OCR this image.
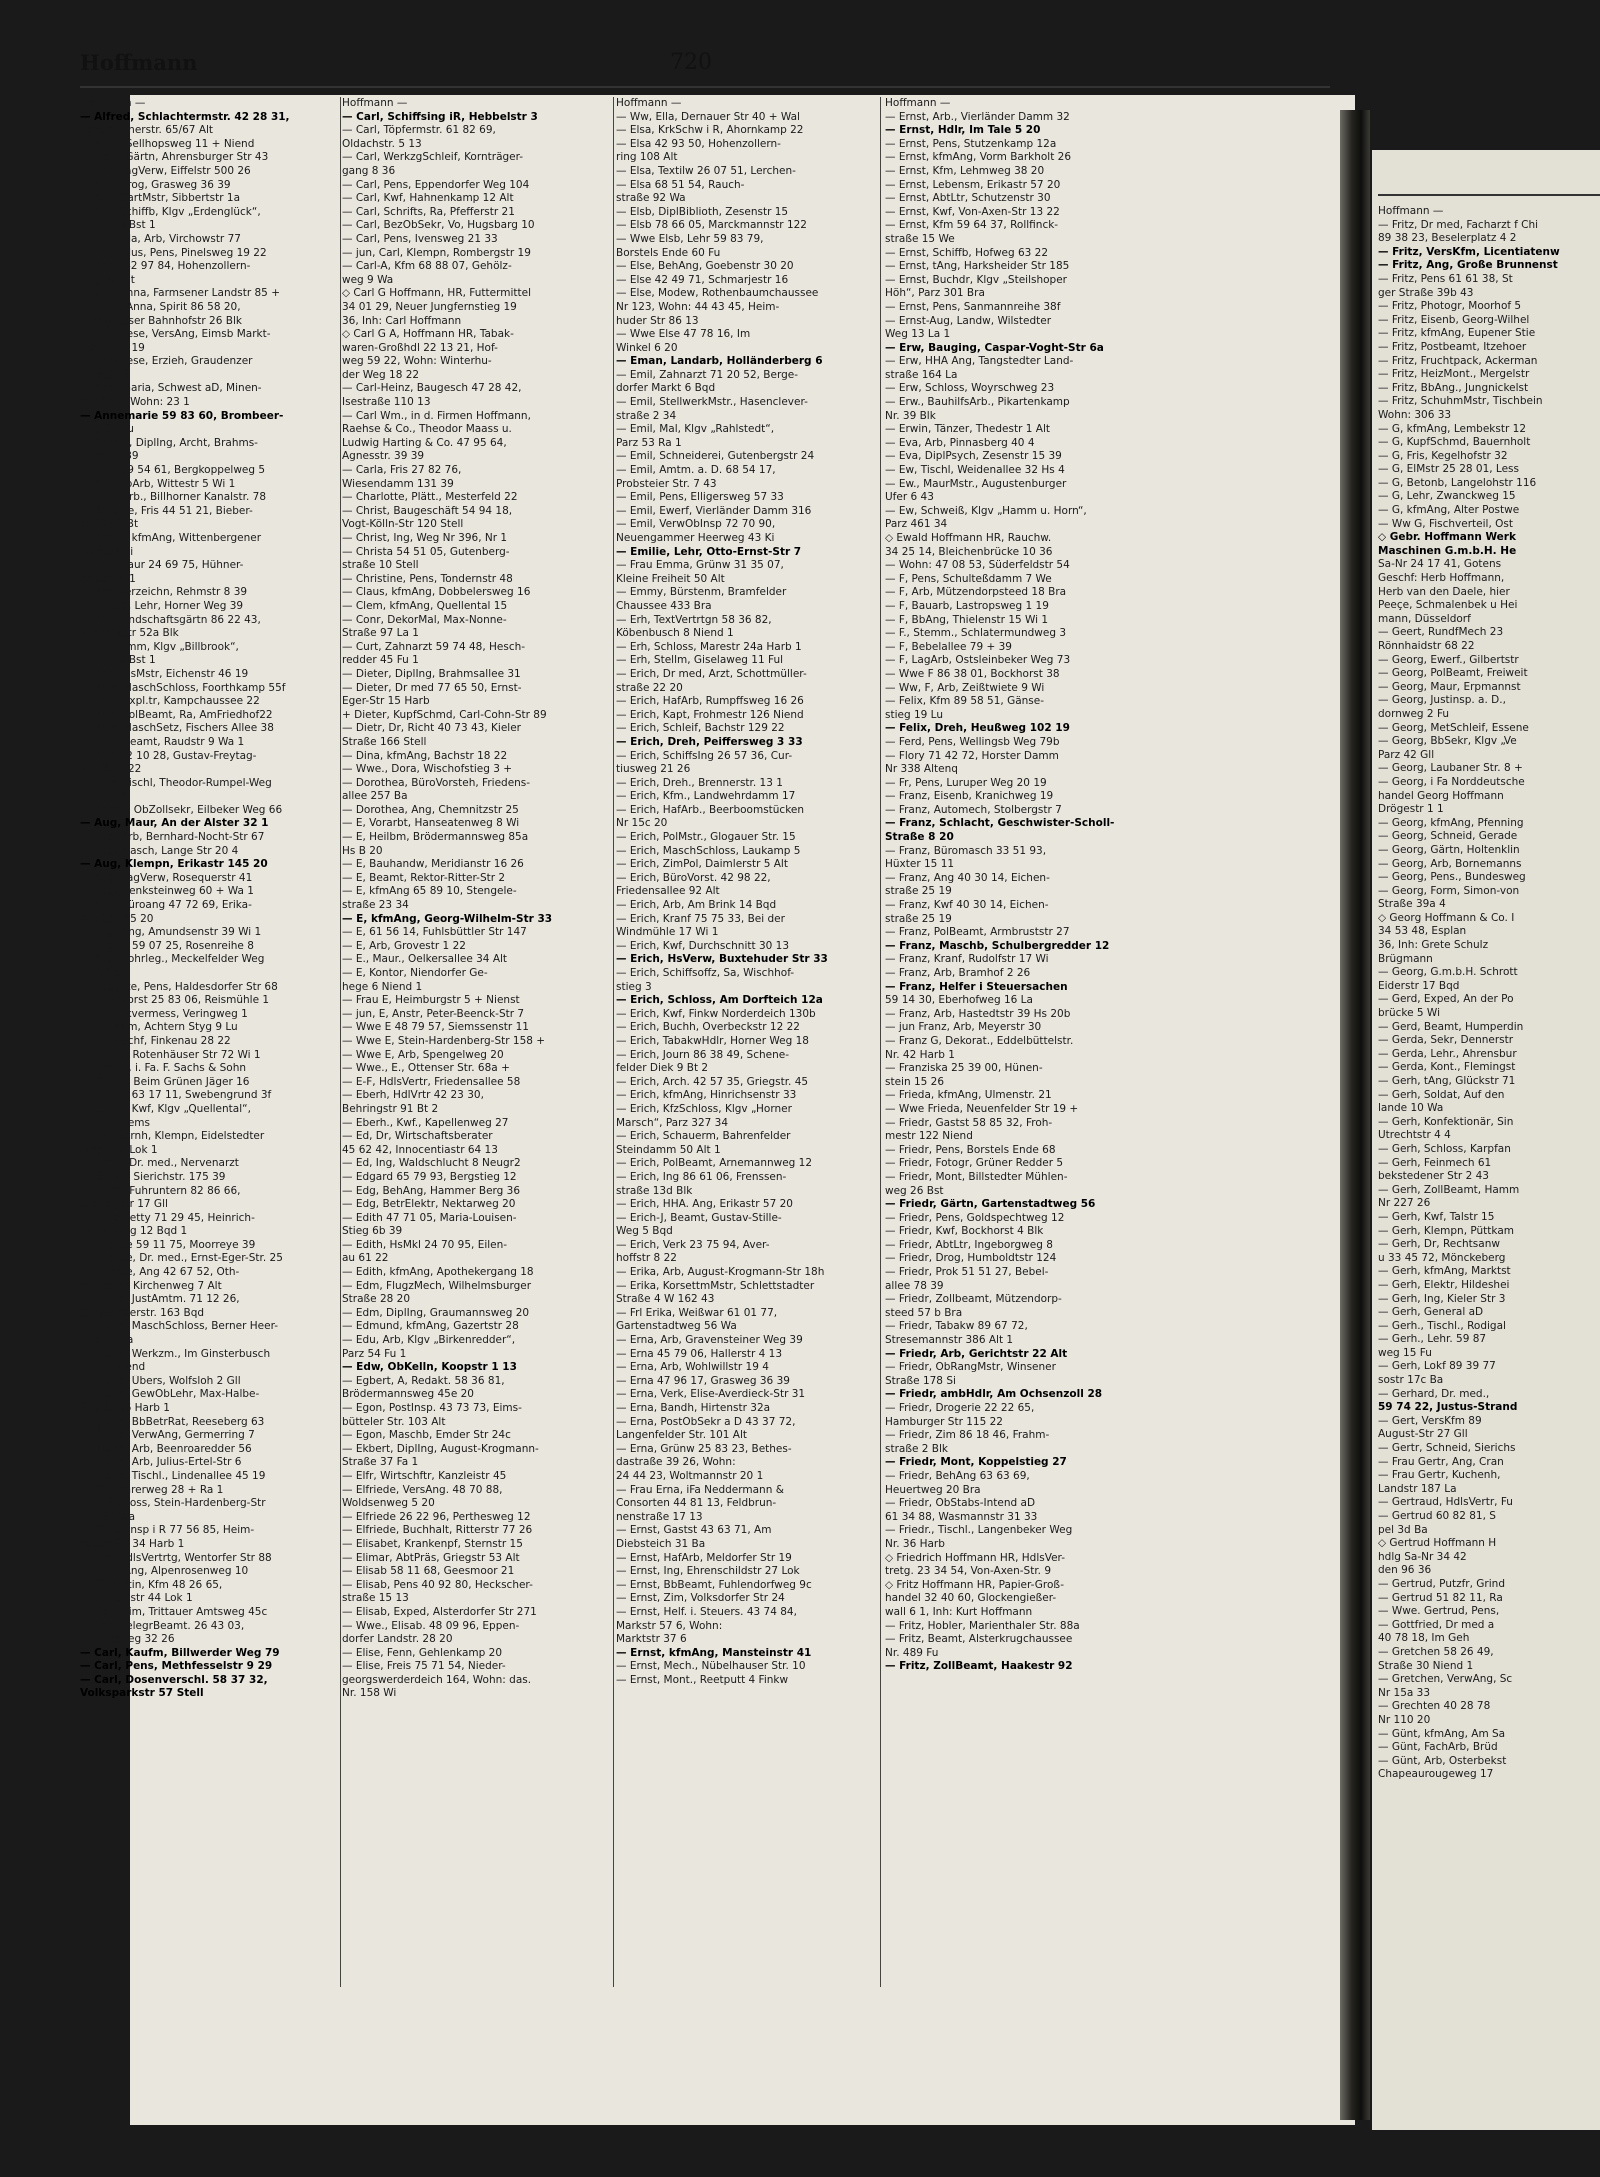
Hoffmann	720
Hoffmann —
— Alfred, Schlachtermstr. 42 28 31,
Schumacherstr. 65/67 Alt
— Alice, Sellhopsweg 11 + Niend
— Alois, Gärtn, Ahrensburger Str 43
— Alw, LagVerw, Eiffelstr 500 26
— Alw, Drog, Grasweg 36 39
— Alw, GartMstr, Sibbertstr 1a
— Alw, Schiffb, Klgv „Erdenglück“,
Parz 143 Bst 1
— Amanda, Arb, Virchowstr 77
— Amandus, Pens, Pinelsweg 19 22
— Anna 42 97 84, Hohenzollern-
ring 30 Alt
— Ww, Anna, Farmsener Landstr 85 +
— Wwe, Anna, Spirit 86 58 20,
Blankeneser Bahnhofstr 26 Blk
— Anneliese, VersAng, Eimsb Markt-
platz 12c 19
— Anneliese, Erzieh, Graudenzer
Weg 9 43
— Annemaria, Schwest aD, Minen-
straße 7, Wohn: 23 1
— Annemarie 59 83 60, Brombeer-
weg 97 Fu
— Annett, DiplIng, Archt, Brahms-
allee 31 39
— Anni 59 54 61, Bergkoppelweg 5
— Ant, BbArb, Wittestr 5 Wi 1
— Ant., Arb., Billhorner Kanalstr. 78
— Antonie, Fris 44 51 21, Bieber-
straße 9 Bt
— Armin, kfmAng, Wittenbergener
Weg 53 Ri
— Arn, Maur 24 69 75, Hühner-
posten 8 1
— Arn, Verzeichn, Rehmstr 8 39
— Arnold, Lehr, Horner Weg 39
— Art, Landschaftsgärtn 86 22 43,
Simrockstr 52a Blk
— Art, Zimm, Klgv „Billbrook“,
Parz 209 Bst 1
— Arth, HsMstr, Eichenstr 46 19
— Arth, MaschSchloss, Foorthkamp 55f
— Arth, Expl.tr, Kampchaussee 22
— Arth, PolBeamt, Ra, AmFriedhof22
— Arth, MaschSetz, Fischers Allee 38
— Arth, Beamt, Raudstr 9 Wa 1
— Arth 22 10 28, Gustav-Freytag-
Straße 7 22
— Arth, Tischl, Theodor-Rumpel-Weg
Nr 22 33
— Arthur, ObZollsekr, Eilbeker Weg 66
— Aug, Maur, An der Alster 32 1
— Aug, Arb, Bernhard-Nocht-Str 67
— Aug, Masch, Lange Str 20 4
— Aug, Klempn, Erikastr 145 20
— Aug, LagVerw, Rosequerstr 41
— Aug, Denksteinweg 60 + Wa 1
— Aug, Büroang 47 72 69, Erika-
straße 145 20
— Aug, Ang, Amundsenstr 39 Wi 1
— Aug. F. 59 07 25, Rosenreihe 8
— Aug, Rohrleg., Meckelfelder Weg
Nr. 54 Si
— Auguste, Pens, Haldesdorfer Str 68
— B, BkVorst 25 83 06, Reismühle 1
— B, Tankvermess, Veringweg 1
— B, Seem, Achtern Styg 9 Lu
— B, Geschf, Finkenau 28 22
— B, Arb, Rotenhäuser Str 72 Wi 1
— Bernh., i. Fa. F. Sachs & Sohn
43 67 13, Beim Grünen Jäger 16
— Bernh. 63 17 11, Swebengrund 3f
— Bernh, Kwf, Klgv „Quellental“,
Parz 26 Lems
— jun, Bernh, Klempn, Eidelstedter
Weg 36a Lok 1
— Bernt, Dr. med., Nervenarzt
47 81 92, Sierichstr. 175 39
— Berth, Fuhruntern 82 86 66,
Grottenstr 17 Gll
— Wwe Betty 71 29 45, Heinrich-
Heine-Weg 12 Bqd 1
— Brigitte 59 11 75, Moorreye 39
— Brigitte, Dr. med., Ernst-Eger-Str. 25
— Brigitte, Ang 42 67 52, Oth-
marscher Kirchenweg 7 Alt
— Bruno, JustAmtm. 71 12 26,
Chrysanderstr. 163 Bqd
— Bruno, MaschSchloss, Berner Heer-
weg 25 Fa
— Bruno, Werkzm., Im Ginsterbusch
Nr. 11 Niend
— Bruno, Übers, Wolfsloh 2 Gll
— Bruno, GewObLehr, Max-Halbe-
Straße 36 Harb 1
— Bruno, BbBetrRat, Reeseberg 63
— Bruno, VerwAng, Germerring 7
— Bruno, Arb, Beenroaredder 56
— Bruno, Arb, Julius-Ertel-Str 6
— Bruno, Tischl., Lindenallee 45 19
— C, Ziehrerweg 28 + Ra 1
— C, Schloss, Stein-Hardenberg-Str
Nr 184 Wa
— C, ZollInsp i R 77 56 85, Heim-
felder Str 34 Harb 1
— C A, HdlsVertrtg, Wentorfer Str 88
— C-H, tAng, Alpenrosenweg 10
— C, Martin, Kfm 48 26 65,
Süderfeldstr 44 Lok 1
— Carl, Zim, Trittauer Amtsweg 45c
— Carl, TelegrBeamt. 26 43 03,
Perthesweg 32 26
— Carl, Kaufm, Billwerder Weg 79
— Carl, Pens, Methfesselstr 9 29
— Carl, Dosenverschl. 58 37 32,
Volksparkstr 57 Stell
Hoffmann —
— Carl, Schiffsing iR, Hebbelstr 3
— Carl, Töpfermstr. 61 82 69,
Oldachstr. 5 13
— Carl, WerkzgSchleif, Kornträger-
gang 8 36
— Carl, Pens, Eppendorfer Weg 104
— Carl, Kwf, Hahnenkamp 12 Alt
— Carl, Schrifts, Ra, Pfefferstr 21
— Carl, BezObSekr, Vo, Hugsbarg 10
— Carl, Pens, Ivensweg 21 33
— jun, Carl, Klempn, Rombergstr 19
— Carl-A, Kfm 68 88 07, Gehölz-
weg 9 Wa
◇ Carl G Hoffmann, HR, Futtermittel
34 01 29, Neuer Jungfernstieg 19
36, Inh: Carl Hoffmann
◇ Carl G A, Hoffmann HR, Tabak-
waren-Großhdl 22 13 21, Hof-
weg 59 22, Wohn: Winterhu-
der Weg 18 22
— Carl-Heinz, Baugesch 47 28 42,
Isestraße 110 13
— Carl Wm., in d. Firmen Hoffmann,
Raehse & Co., Theodor Maass u.
Ludwig Harting & Co. 47 95 64,
Agnesstr. 39 39
— Carla, Fris 27 82 76,
Wiesendamm 131 39
— Charlotte, Plätt., Mesterfeld 22
— Christ, Baugeschäft 54 94 18,
Vogt-Kölln-Str 120 Stell
— Christ, Ing, Weg Nr 396, Nr 1
— Christa 54 51 05, Gutenberg-
straße 10 Stell
— Christine, Pens, Tondernstr 48
— Claus, kfmAng, Dobbelersweg 16
— Clem, kfmAng, Quellental 15
— Conr, DekorMal, Max-Nonne-
Straße 97 La 1
— Curt, Zahnarzt 59 74 48, Hesch-
redder 45 Fu 1
— Dieter, DiplIng, Brahmsallee 31
— Dieter, Dr med 77 65 50, Ernst-
Eger-Str 15 Harb
+ Dieter, KupfSchmd, Carl-Cohn-Str 89
— Dietr, Dr, Richt 40 73 43, Kieler
Straße 166 Stell
— Dina, kfmAng, Bachstr 18 22
— Wwe., Dora, Wischofstieg 3 +
— Dorothea, BüroVorsteh, Friedens-
allee 257 Ba
— Dorothea, Ang, Chemnitzstr 25
— E, Vorarbt, Hanseatenweg 8 Wi
— E, Heilbm, Brödermannsweg 85a
Hs B 20
— E, Bauhandw, Meridianstr 16 26
— E, Beamt, Rektor-Ritter-Str 2
— E, kfmAng 65 89 10, Stengele-
straße 23 34
— E, kfmAng, Georg-Wilhelm-Str 33
— E, 61 56 14, Fuhlsbüttler Str 147
— E, Arb, Grovestr 1 22
— E., Maur., Oelkersallee 34 Alt
— E, Kontor, Niendorfer Ge-
hege 6 Niend 1
— Frau E, Heimburgstr 5 + Nienst
— jun, E, Anstr, Peter-Beenck-Str 7
— Wwe E 48 79 57, Siemssenstr 11
— Wwe E, Stein-Hardenberg-Str 158 +
— Wwe E, Arb, Spengelweg 20
— Wwe., E., Ottenser Str. 68a +
— E-F, HdlsVertr, Friedensallee 58
— Eberh, HdlVrtr 42 23 30,
Behringstr 91 Bt 2
— Eberh., Kwf., Kapellenweg 27
— Ed, Dr, Wirtschaftsberater
45 62 42, Innocentiastr 64 13
— Ed, Ing, Waldschlucht 8 Neugr2
— Edgard 65 79 93, Bergstieg 12
— Edg, BehAng, Hammer Berg 36
— Edg, BetrElektr, Nektarweg 20
— Edith 47 71 05, Maria-Louisen-
Stieg 6b 39
— Edith, HsMkl 24 70 95, Eilen-
au 61 22
— Edith, kfmAng, Apothekergang 18
— Edm, FlugzMech, Wilhelmsburger
Straße 28 20
— Edm, DiplIng, Graumannsweg 20
— Edmund, kfmAng, Gazertstr 28
— Edu, Arb, Klgv „Birkenredder“,
Parz 54 Fu 1
— Edw, ObKelln, Koopstr 1 13
— Egbert, A, Redakt. 58 36 81,
Brödermannsweg 45e 20
— Egon, PostInsp. 43 73 73, Eims-
bütteler Str. 103 Alt
— Egon, Maschb, Emder Str 24c
— Ekbert, DiplIng, August-Krogmann-
Straße 37 Fa 1
— Elfr, Wirtschftr, Kanzleistr 45
— Elfriede, VersAng. 48 70 88,
Woldsenweg 5 20
— Elfriede 26 22 96, Perthesweg 12
— Elfriede, Buchhalt, Ritterstr 77 26
— Elisabet, Krankenpf, Sternstr 15
— Elimar, AbtPräs, Griegstr 53 Alt
— Elisab 58 11 68, Geesmoor 21
— Elisab, Pens 40 92 80, Heckscher-
straße 15 13
— Elisab, Exped, Alsterdorfer Str 271
— Wwe., Elisab. 48 09 96, Eppen-
dorfer Landstr. 28 20
— Elise, Fenn, Gehlenkamp 20
— Elise, Freis 75 71 54, Nieder-
georgswerderdeich 164, Wohn: das.
Nr. 158 Wi
Hoffmann —
— Ww, Ella, Dernauer Str 40 + Wal
— Elsa, KrkSchw i R, Ahornkamp 22
— Elsa 42 93 50, Hohenzollern-
ring 108 Alt
— Elsa, Textilw 26 07 51, Lerchen-
— Elsa 68 51 54, Rauch-
straße 92 Wa
— Elsb, DiplBiblioth, Zesenstr 15
— Elsb 78 66 05, Marckmannstr 122
— Wwe Elsb, Lehr 59 83 79,
Borstels Ende 60 Fu
— Else, BehAng, Goebenstr 30 20
— Else 42 49 71, Schmarjestr 16
— Else, Modew, Rothenbaumchaussee
Nr 123, Wohn: 44 43 45, Heim-
huder Str 86 13
— Wwe Else 47 78 16, Im
Winkel 6 20
— Eman, Landarb, Holländerberg 6
— Emil, Zahnarzt 71 20 52, Berge-
dorfer Markt 6 Bqd
— Emil, StellwerkMstr., Hasenclever-
straße 2 34
— Emil, Mal, Klgv „Rahlstedt“,
Parz 53 Ra 1
— Emil, Schneiderei, Gutenbergstr 24
— Emil, Amtm. a. D. 68 54 17,
Probsteier Str. 7 43
— Emil, Pens, Elligersweg 57 33
— Emil, Ewerf, Vierländer Damm 316
— Emil, VerwObInsp 72 70 90,
Neuengammer Heerweg 43 Ki
— Emilie, Lehr, Otto-Ernst-Str 7
— Frau Emma, Grünw 31 35 07,
Kleine Freiheit 50 Alt
— Emmy, Bürstenm, Bramfelder
Chaussee 433 Bra
— Erh, TextVertrtgn 58 36 82,
Köbenbusch 8 Niend 1
— Erh, Schloss, Marestr 24a Harb 1
— Erh, Stellm, Giselaweg 11 Ful
— Erich, Dr med, Arzt, Schottmüller-
straße 22 20
— Erich, HafArb, Rumpffsweg 16 26
— Erich, Kapt, Frohmestr 126 Niend
— Erich, Schleif, Bachstr 129 22
— Erich, Dreh, Peiffersweg 3 33
— Erich, SchiffsIng 26 57 36, Cur-
tiusweg 21 26
— Erich, Dreh., Brennerstr. 13 1
— Erich, Kfm., Landwehrdamm 17
— Erich, HafArb., Beerboomstücken
Nr 15c 20
— Erich, PolMstr., Glogauer Str. 15
— Erich, MaschSchloss, Laukamp 5
— Erich, ZimPol, Daimlerstr 5 Alt
— Erich, BüroVorst. 42 98 22,
Friedensallee 92 Alt
— Erich, Arb, Am Brink 14 Bqd
— Erich, Kranf 75 75 33, Bei der
Windmühle 17 Wi 1
— Erich, Kwf, Durchschnitt 30 13
— Erich, HsVerw, Buxtehuder Str 33
— Erich, Schiffsoffz, Sa, Wischhof-
stieg 3
— Erich, Schloss, Am Dorfteich 12a
— Erich, Kwf, Finkw Norderdeich 130b
— Erich, Buchh, Overbeckstr 12 22
— Erich, TabakwHdlr, Horner Weg 18
— Erich, Journ 86 38 49, Schene-
felder Diek 9 Bt 2
— Erich, Arch. 42 57 35, Griegstr. 45
— Erich, kfmAng, Hinrichsenstr 33
— Erich, KfzSchloss, Klgv „Horner
Marsch“, Parz 327 34
— Erich, Schauerm, Bahrenfelder
Steindamm 50 Alt 1
— Erich, PolBeamt, Arnemannweg 12
— Erich, Ing 86 61 06, Frenssen-
straße 13d Blk
— Erich, HHA. Ang, Erikastr 57 20
— Erich-J, Beamt, Gustav-Stille-
Weg 5 Bqd
— Erich, Verk 23 75 94, Aver-
hoffstr 8 22
— Erika, Arb, August-Krogmann-Str 18h
— Erika, KorsettmMstr, Schlettstadter
Straße 4 W 162 43
— Frl Erika, Weißwar 61 01 77,
Gartenstadtweg 56 Wa
— Erna, Arb, Gravensteiner Weg 39
— Erna 45 79 06, Hallerstr 4 13
— Erna, Arb, Wohlwillstr 19 4
— Erna 47 96 17, Grasweg 36 39
— Erna, Verk, Elise-Averdieck-Str 31
— Erna, Bandh, Hirtenstr 32a
— Erna, PostObSekr a D 43 37 72,
Langenfelder Str. 101 Alt
— Erna, Grünw 25 83 23, Bethes-
dastraße 39 26, Wohn:
24 44 23, Woltmannstr 20 1
— Frau Erna, iFa Neddermann &
Consorten 44 81 13, Feldbrun-
nenstraße 17 13
— Ernst, Gastst 43 63 71, Am
Diebsteich 31 Ba
— Ernst, HafArb, Meldorfer Str 19
— Ernst, Ing, Ehrenschildstr 27 Lok
— Ernst, BbBeamt, Fuhlendorfweg 9c
— Ernst, Zim, Volksdorfer Str 24
— Ernst, Helf. i. Steuers. 43 74 84,
Markstr 57 6, Wohn:
Marktstr 37 6
— Ernst, kfmAng, Mansteinstr 41
— Ernst, Mech., Nübelhauser Str. 10
— Ernst, Mont., Reetputt 4 Finkw
Hoffmann —
— Ernst, Arb., Vierländer Damm 32
— Ernst, Hdlr, Im Tale 5 20
— Ernst, Pens, Stutzenkamp 12a
— Ernst, kfmAng, Vorm Barkholt 26
— Ernst, Kfm, Lehmweg 38 20
— Ernst, Lebensm, Erikastr 57 20
— Ernst, AbtLtr, Schutzenstr 30
— Ernst, Kwf, Von-Axen-Str 13 22
— Ernst, Kfm 59 64 37, Rollfinck-
straße 15 We
— Ernst, Schiffb, Hofweg 63 22
— Ernst, tAng, Harksheider Str 185
— Ernst, Buchdr, Klgv „Steilshoper
Höh“, Parz 301 Bra
— Ernst, Pens, Sanmannreihe 38f
— Ernst-Aug, Landw, Wilstedter
Weg 13 La 1
— Erw, Bauging, Caspar-Voght-Str 6a
— Erw, HHA Ang, Tangstedter Land-
straße 164 La
— Erw, Schloss, Woyrschweg 23
— Erw., BauhilfsArb., Pikartenkamp
Nr. 39 Blk
— Erwin, Tänzer, Thedestr 1 Alt
— Eva, Arb, Pinnasberg 40 4
— Eva, DiplPsych, Zesenstr 15 39
— Ew, Tischl, Weidenallee 32 Hs 4
— Ew., MaurMstr., Augustenburger
Ufer 6 43
— Ew, Schweiß, Klgv „Hamm u. Horn“,
Parz 461 34
◇ Ewald Hoffmann HR, Rauchw.
34 25 14, Bleichenbrücke 10 36
— Wohn: 47 08 53, Süderfeldstr 54
— F, Pens, Schulteßdamm 7 We
— F, Arb, Mützendorpsteed 18 Bra
— F, Bauarb, Lastropsweg 1 19
— F, BbAng, Thielenstr 15 Wi 1
— F., Stemm., Schlatermundweg 3
— F, Bebelallee 79 + 39
— F, LagArb, Ostsleinbeker Weg 73
— Wwe F 86 38 01, Bockhorst 38
— Ww, F, Arb, Zeißtwiete 9 Wi
— Felix, Kfm 89 58 51, Gänse-
stieg 19 Lu
— Felix, Dreh, Heußweg 102 19
— Ferd, Pens, Wellingsb Weg 79b
— Flory 71 42 72, Horster Damm
Nr 338 Altenq
— Fr, Pens, Luruper Weg 20 19
— Franz, Eisenb, Kranichweg 19
— Franz, Automech, Stolbergstr 7
— Franz, Schlacht, Geschwister-Scholl-
Straße 8 20
— Franz, Büromasch 33 51 93,
Hüxter 15 11
— Franz, Ang 40 30 14, Eichen-
straße 25 19
— Franz, Kwf 40 30 14, Eichen-
straße 25 19
— Franz, PolBeamt, Armbruststr 27
— Franz, Maschb, Schulbergredder 12
— Franz, Kranf, Rudolfstr 17 Wi
— Franz, Arb, Bramhof 2 26
— Franz, Helfer i Steuersachen
59 14 30, Eberhofweg 16 La
— Franz, Arb, Hastedtstr 39 Hs 20b
— jun Franz, Arb, Meyerstr 30
— Franz G, Dekorat., Eddelbüttelstr.
Nr. 42 Harb 1
— Franziska 25 39 00, Hünen-
stein 15 26
— Frieda, kfmAng, Ulmenstr. 21
— Wwe Frieda, Neuenfelder Str 19 +
— Friedr, Gastst 58 85 32, Froh-
mestr 122 Niend
— Friedr, Pens, Borstels Ende 68
— Friedr, Fotogr, Grüner Redder 5
— Friedr, Mont, Billstedter Mühlen-
weg 26 Bst
— Friedr, Gärtn, Gartenstadtweg 56
— Friedr, Pens, Goldspechtweg 12
— Friedr, Kwf, Bockhorst 4 Blk
— Friedr, AbtLtr, Ingeborgweg 8
— Friedr, Drog, Humboldtstr 124
— Friedr, Prok 51 51 27, Bebel-
allee 78 39
— Friedr, Zollbeamt, Mützendorp-
steed 57 b Bra
— Friedr, Tabakw 89 67 72,
Stresemannstr 386 Alt 1
— Friedr, Arb, Gerichtstr 22 Alt
— Friedr, ObRangMstr, Winsener
Straße 178 Si
— Friedr, ambHdlr, Am Ochsenzoll 28
— Friedr, Drogerie 22 22 65,
Hamburger Str 115 22
— Friedr, Zim 86 18 46, Frahm-
straße 2 Blk
— Friedr, Mont, Koppelstieg 27
— Friedr, BehAng 63 63 69,
Heuertweg 20 Bra
— Friedr, ObStabs-Intend aD
61 34 88, Wasmannstr 31 33
— Friedr., Tischl., Langenbeker Weg
Nr. 36 Harb
◇ Friedrich Hoffmann HR, HdlsVer-
tretg. 23 34 54, Von-Axen-Str. 9
◇ Fritz Hoffmann HR, Papier-Groß-
handel 32 40 60, Glockengießer-
wall 6 1, Inh: Kurt Hoffmann
— Fritz, Hobler, Marienthaler Str. 88a
— Fritz, Beamt, Alsterkrugchaussee
Nr. 489 Fu
— Fritz, ZollBeamt, Haakestr 92
Hoffmann —
— Fritz, Dr med, Facharzt f Chi
89 38 23, Beselerplatz 4 2
— Fritz, VersKfm, Licentiatenw
— Fritz, Ang, Große Brunnenst
— Fritz, Pens 61 61 38, St
ger Straße 39b 43
— Fritz, Photogr, Moorhof 5
— Fritz, Eisenb, Georg-Wilhel
— Fritz, kfmAng, Eupener Stie
— Fritz, Postbeamt, Itzehoer
— Fritz, Fruchtpack, Ackerman
— Fritz, HeizMont., Mergelstr
— Fritz, BbAng., Jungnickelst
— Fritz, SchuhmMstr, Tischbein
Wohn: 306 33
— G, kfmAng, Lembekstr 12
— G, KupfSchmd, Bauernholt
— G, Fris, Kegelhofstr 32
— G, ElMstr 25 28 01, Less
— G, Betonb, Langelohstr 116
— G, Lehr, Zwanckweg 15
— G, kfmAng, Alter Postwe
— Ww G, Fischverteil, Ost
◇ Gebr. Hoffmann Werk
Maschinen G.m.b.H. He
Sa-Nr 24 17 41, Gotens
Geschf: Herb Hoffmann,
Herb van den Daele, hier
Peeçe, Schmalenbek u Hei
mann, Düsseldorf
— Geert, RundfMech 23
Rönnhaidstr 68 22
— Georg, Ewerf., Gilbertstr
— Georg, PolBeamt, Freiweit
— Georg, Maur, Erpmannst
— Georg, Justinsp. a. D.,
dornweg 2 Fu
— Georg, MetSchleif, Essene
— Georg, BbSekr, Klgv „Ve
Parz 42 Gll
— Georg, Laubaner Str. 8 +
— Georg, i Fa Norddeutsche
handel Georg Hoffmann
Drögestr 1 1
— Georg, kfmAng, Pfenning
— Georg, Schneid, Gerade
— Georg, Gärtn, Holtenklin
— Georg, Arb, Bornemanns
— Georg, Pens., Bundesweg
— Georg, Form, Simon-von
Straße 39a 4
◇ Georg Hoffmann & Co. I
34 53 48, Esplan
36, Inh: Grete Schulz
Brügmann
— Georg, G.m.b.H. Schrott
Eiderstr 17 Bqd
— Gerd, Exped, An der Po
brücke 5 Wi
— Gerd, Beamt, Humperdin
— Gerda, Sekr, Dennerstr
— Gerda, Lehr., Ahrensbur
— Gerda, Kont., Flemingst
— Gerh, tAng, Glückstr 71
— Gerh, Soldat, Auf den
lande 10 Wa
— Gerh, Konfektionär, Sin
Utrechtstr 4 4
— Gerh, Schloss, Karpfan
— Gerh, Feinmech 61
bekstedener Str 2 43
— Gerh, ZollBeamt, Hamm
Nr 227 26
— Gerh, Kwf, Talstr 15
— Gerh, Klempn, Püttkam
— Gerh, Dr, Rechtsanw
u 33 45 72, Mönckeberg
— Gerh, kfmAng, Marktst
— Gerh, Elektr, Hildeshei
— Gerh, Ing, Kieler Str 3
— Gerh, General aD
— Gerh., Tischl., Rodigal
— Gerh., Lehr. 59 87
weg 15 Fu
— Gerh, Lokf 89 39 77
sostr 17c Ba
— Gerhard, Dr. med.,
59 74 22, Justus-Strand
— Gert, VersKfm 89
August-Str 27 Gll
— Gertr, Schneid, Sierichs
— Frau Gertr, Ang, Cran
— Frau Gertr, Kuchenh,
Landstr 187 La
— Gertraud, HdlsVertr, Fu
— Gertrud 60 82 81, S
pel 3d Ba
◇ Gertrud Hoffmann H
hdlg Sa-Nr 34 42
den 96 36
— Gertrud, Putzfr, Grind
— Gertrud 51 82 11, Ra
— Wwe. Gertrud, Pens,
— Gottfried, Dr med a
40 78 18, Im Geh
— Gretchen 58 26 49,
Straße 30 Niend 1
— Gretchen, VerwAng, Sc
Nr 15a 33
— Grechten 40 28 78
Nr 110 20
— Günt, kfmAng, Am Sa
— Günt, FachArb, Brüd
— Günt, Arb, Osterbekst
Chapeaurougeweg 17
